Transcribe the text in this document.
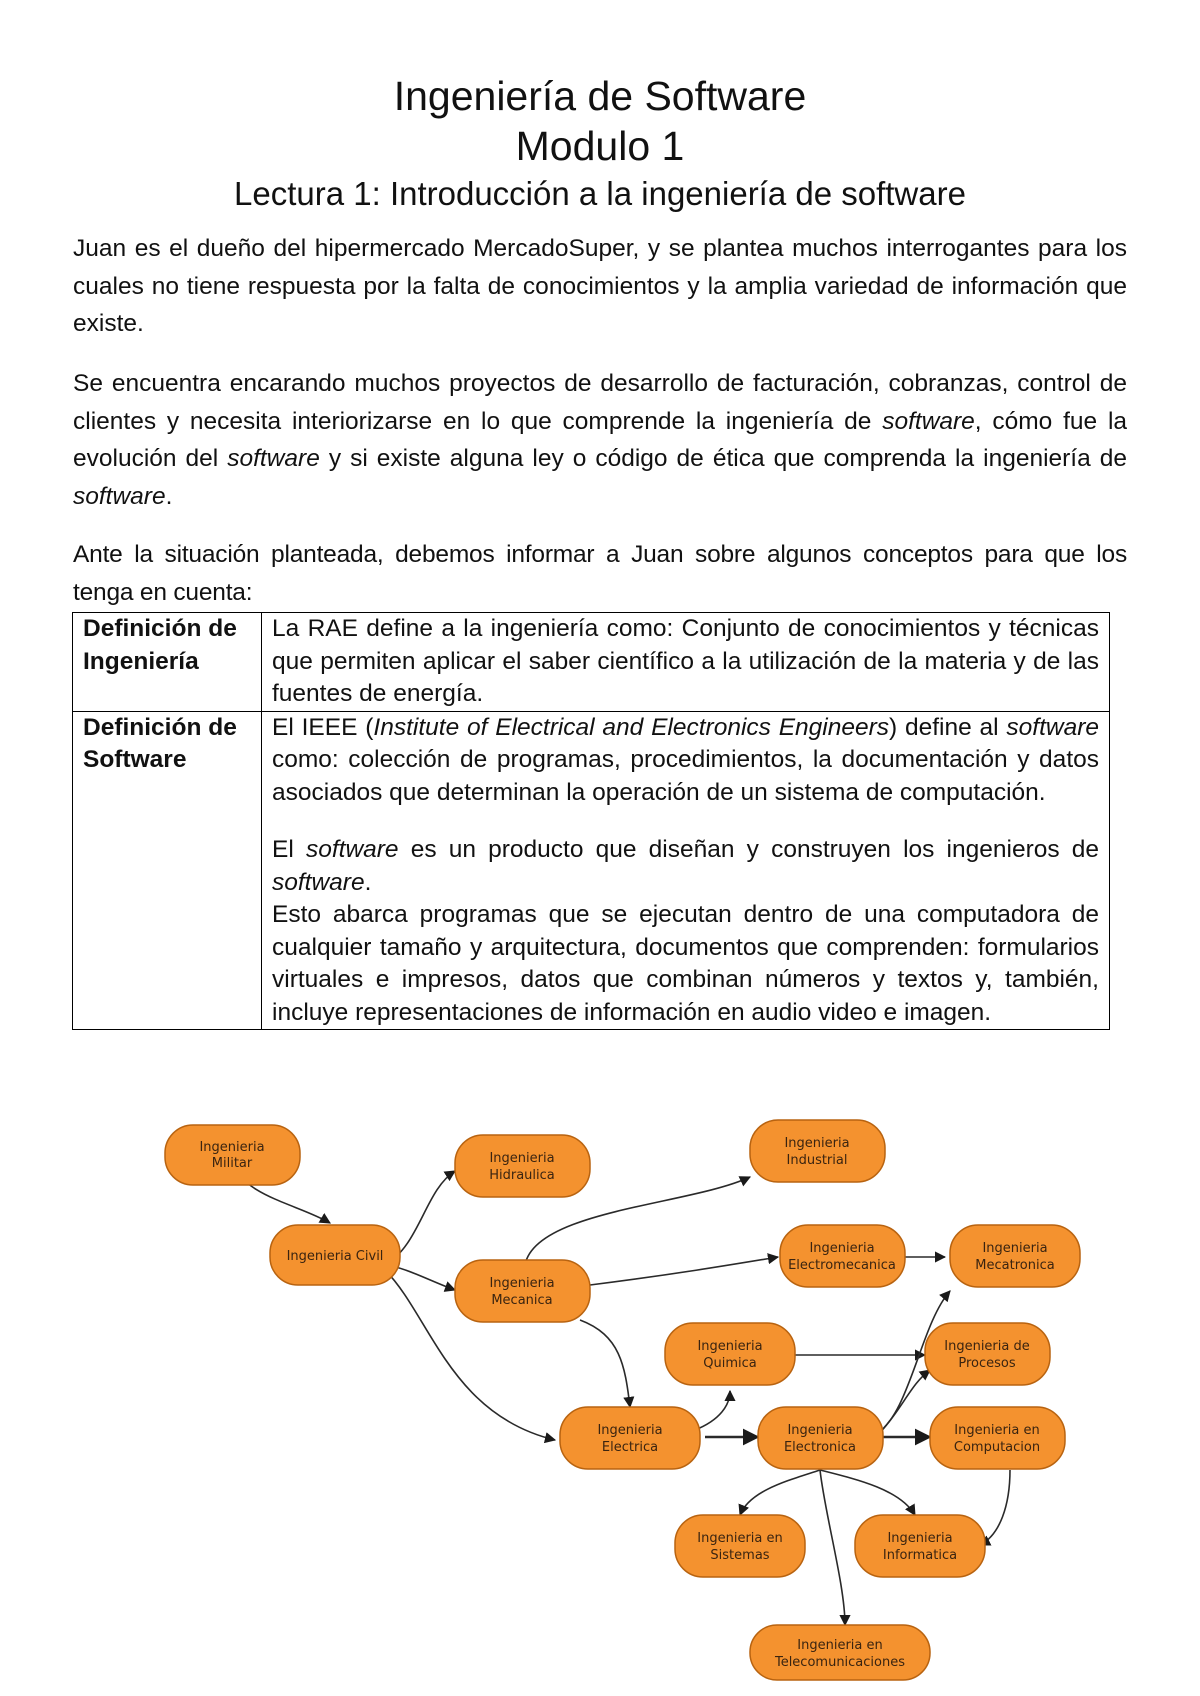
Ingeniería de Software
Modulo 1
Lectura 1: Introducción a la ingeniería de software

Juan es el dueño del hipermercado MercadoSuper, y se plantea muchos interrogantes para los cuales no tiene respuesta por la falta de conocimientos y la amplia variedad de información que existe.

Se encuentra encarando muchos proyectos de desarrollo de facturación, cobranzas, control de clientes y necesita interiorizarse en lo que comprende la ingeniería de software, cómo fue la evolución del software y si existe alguna ley o código de ética que comprenda la ingeniería de software.

Ante la situación planteada, debemos informar a Juan sobre algunos conceptos para que los tenga en cuenta:

Definición de Ingeniería	La RAE define a la ingeniería como: Conjunto de conocimientos y técnicas que permiten aplicar el saber científico a la utilización de la materia y de las fuentes de energía.

Definición de Software	El IEEE (Institute of Electrical and Electronics Engineers) define al software como: colección de programas, procedimientos, la documentación y datos asociados que determinan la operación de un sistema de computación.

El software es un producto que diseñan y construyen los ingenieros de software.

Esto abarca programas que se ejecutan dentro de una computadora de cualquier tamaño y arquitectura, documentos que comprenden: formularios virtuales e impresos, datos que combinan números y textos y, también, incluye representaciones de información en audio video e imagen.

Ingenieria
Militar
Ingenieria Civil
Ingenieria
Hidraulica
Ingenieria
Industrial
Ingenieria
Mecanica
Ingenieria
Electromecanica
Ingenieria
Mecatronica
Ingenieria
Quimica
Ingenieria de
Procesos
Ingenieria
Electrica
Ingenieria
Electronica
Ingenieria en
Computacion
Ingenieria en
Sistemas
Ingenieria
Informatica
Ingenieria en
Telecomunicaciones
